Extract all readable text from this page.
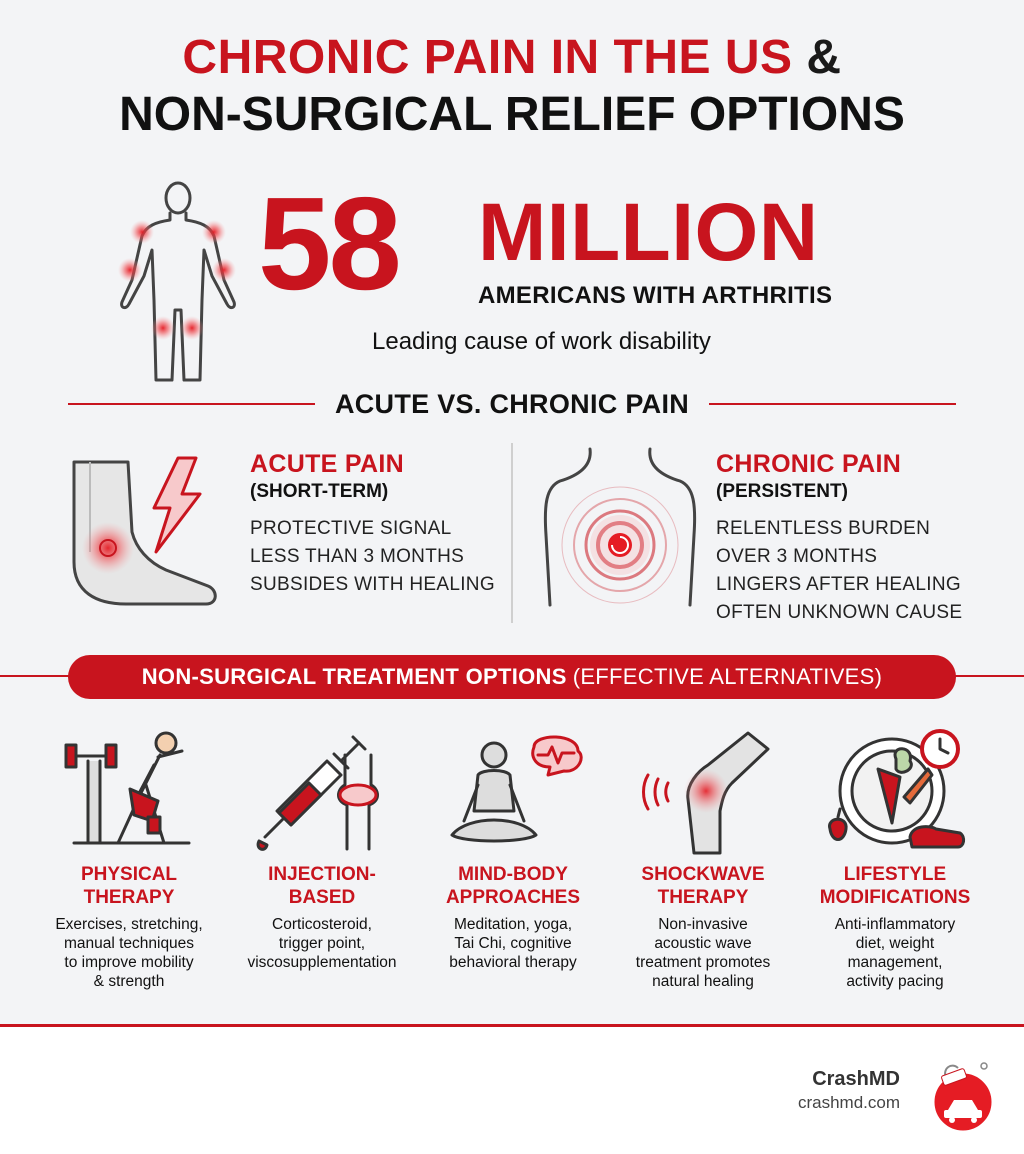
CHRONIC PAIN IN THE US &
NON-SURGICAL RELIEF OPTIONS
58 MILLION
AMERICANS WITH ARTHRITIS
Leading cause of work disability
ACUTE VS. CHRONIC PAIN
ACUTE PAIN
(SHORT-TERM)
PROTECTIVE SIGNAL
LESS THAN 3 MONTHS
SUBSIDES WITH HEALING
CHRONIC PAIN
(PERSISTENT)
RELENTLESS BURDEN
OVER 3 MONTHS
LINGERS AFTER HEALING
OFTEN UNKNOWN CAUSE
NON-SURGICAL TREATMENT OPTIONS (EFFECTIVE ALTERNATIVES)
PHYSICAL
THERAPY
Exercises, stretching,
manual techniques
to improve mobility
& strength
INJECTION-
BASED
Corticosteroid,
trigger point,
viscosupplementation
MIND-BODY
APPROACHES
Meditation, yoga,
Tai Chi, cognitive
behavioral therapy
SHOCKWAVE
THERAPY
Non-invasive
acoustic wave
treatment promotes
natural healing
LIFESTYLE
MODIFICATIONS
Anti-inflammatory
diet, weight
management,
activity pacing
CrashMD
crashmd.com
